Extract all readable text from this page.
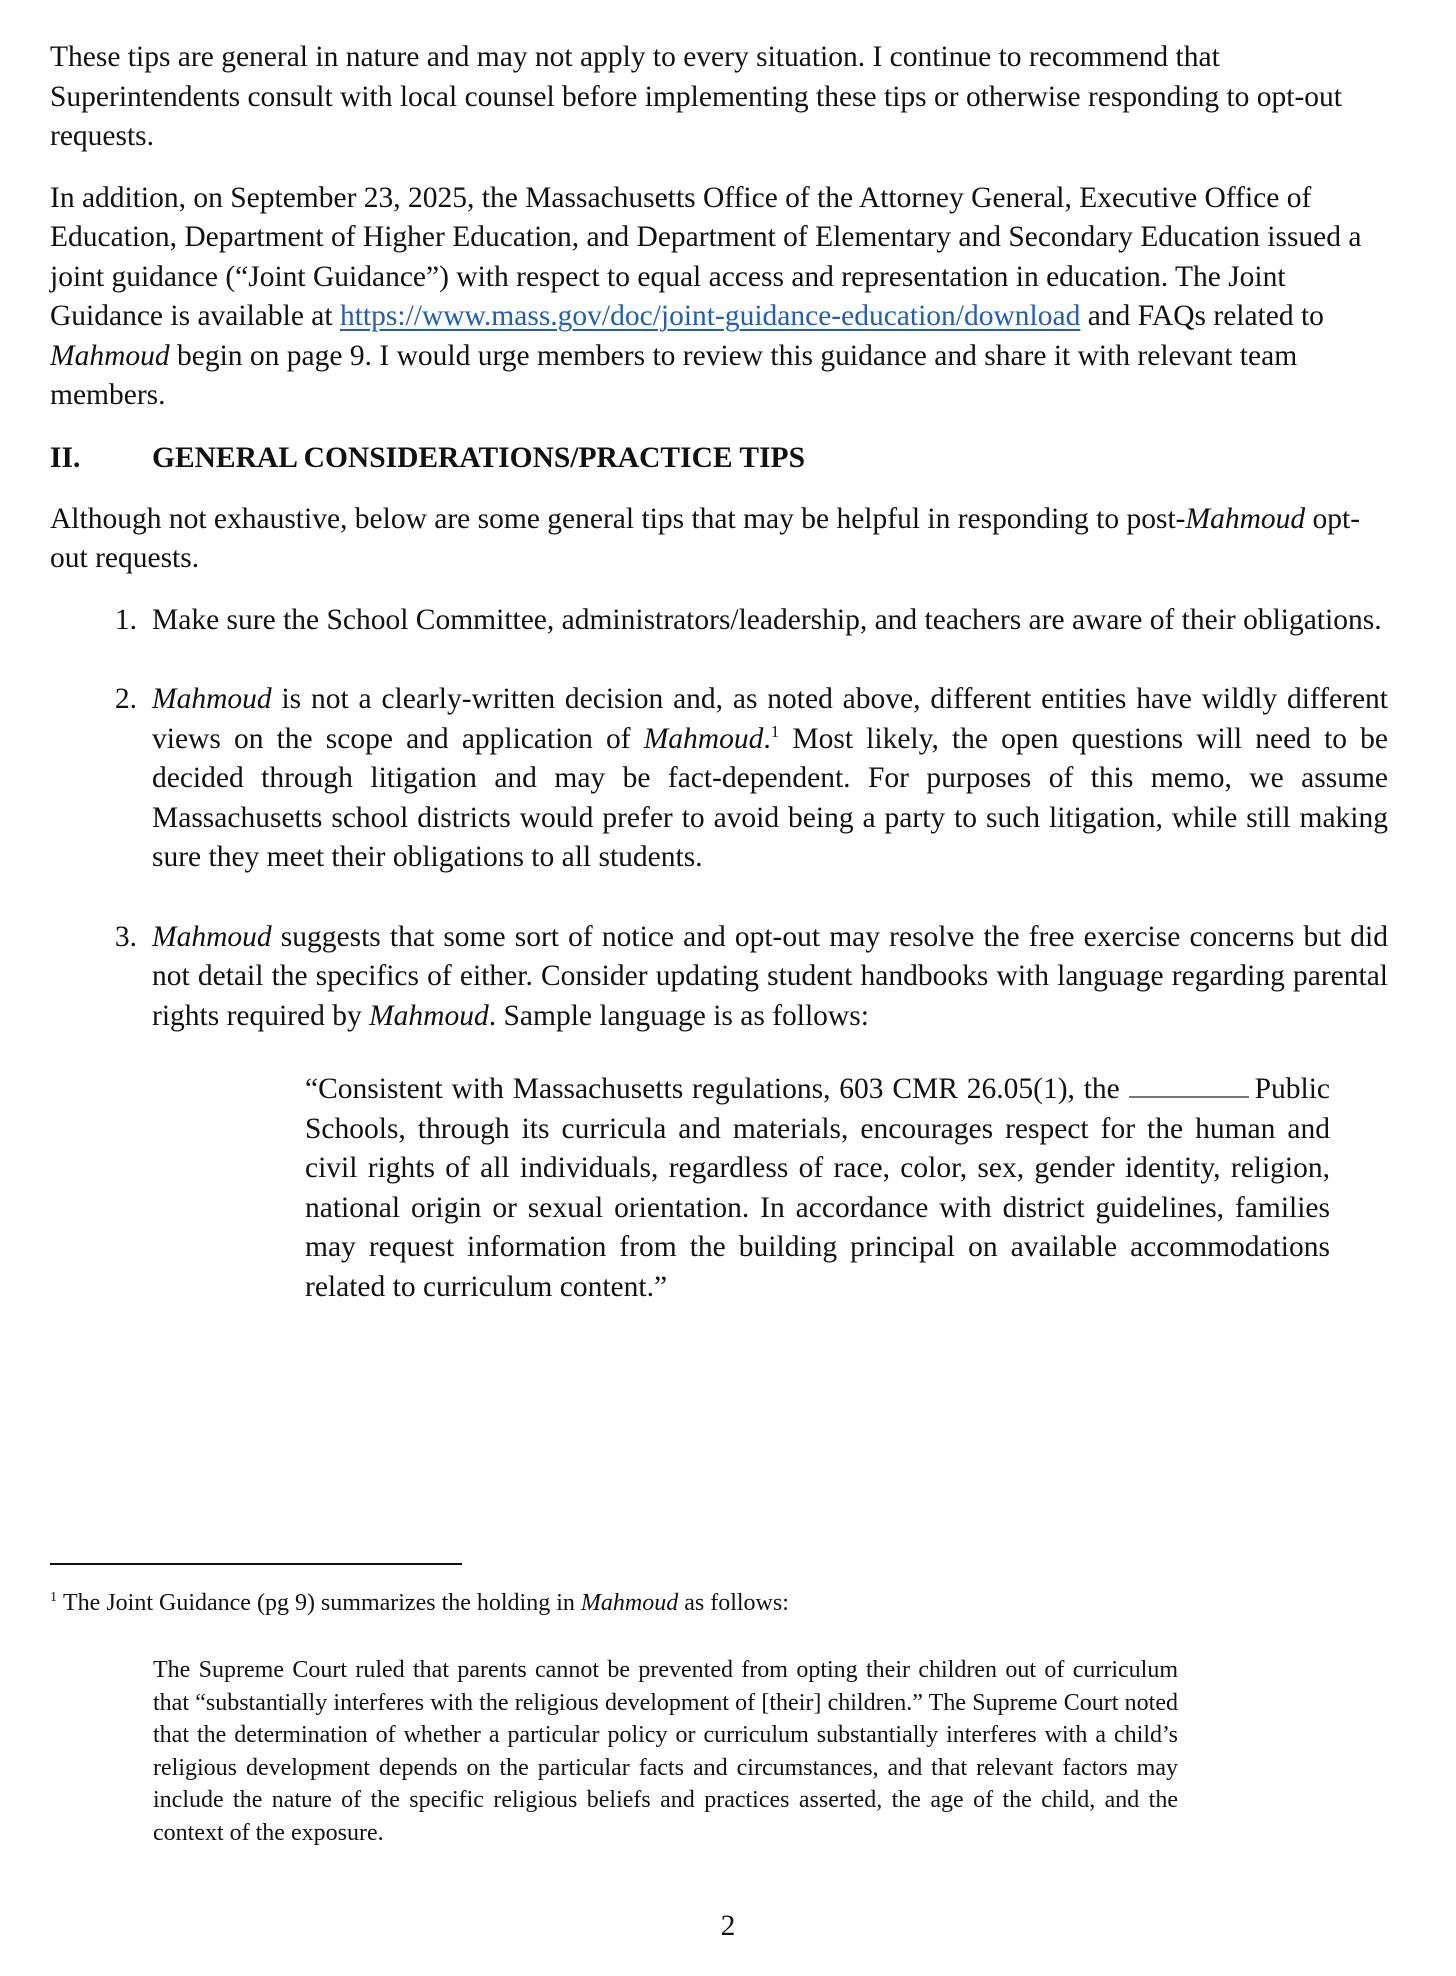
These tips are general in nature and may not apply to every situation. I continue to recommend that Superintendents consult with local counsel before implementing these tips or otherwise responding to opt-out requests.

In addition, on September 23, 2025, the Massachusetts Office of the Attorney General, Executive Office of Education, Department of Higher Education, and Department of Elementary and Secondary Education issued a joint guidance (“Joint Guidance”) with respect to equal access and representation in education. The Joint Guidance is available at https://www.mass.gov/doc/joint-guidance-education/download and FAQs related to Mahmoud begin on page 9. I would urge members to review this guidance and share it with relevant team members.

II.	GENERAL CONSIDERATIONS/PRACTICE TIPS

Although not exhaustive, below are some general tips that may be helpful in responding to post-Mahmoud opt-out requests.

1. Make sure the School Committee, administrators/leadership, and teachers are aware of their obligations.
2. Mahmoud is not a clearly-written decision and, as noted above, different entities have wildly different views on the scope and application of Mahmoud.$^1$ Most likely, the open questions will need to be decided through litigation and may be fact-dependent. For purposes of this memo, we assume Massachusetts school districts would prefer to avoid being a party to such litigation, while still making sure they meet their obligations to all students.
3. Mahmoud suggests that some sort of notice and opt-out may resolve the free exercise concerns but did not detail the specifics of either. Consider updating student handbooks with language regarding parental rights required by Mahmoud. Sample language is as follows:
“Consistent with Massachusetts regulations, 603 CMR 26.05(1), the	Public Schools, through its curricula and materials, encourages respect for the human and civil rights of all individuals, regardless of race, color, sex, gender identity, religion, national origin or sexual orientation. In accordance with district guidelines, families may request information from the building principal on available accommodations related to curriculum content.”
$^1$ The Joint Guidance (pg 9) summarizes the holding in Mahmoud as follows:
The Supreme Court ruled that parents cannot be prevented from opting their children out of curriculum that “substantially interferes with the religious development of [their] children.” The Supreme Court noted that the determination of whether a particular policy or curriculum substantially interferes with a child’s religious development depends on the particular facts and circumstances, and that relevant factors may include the nature of the specific religious beliefs and practices asserted, the age of the child, and the context of the exposure.
2
